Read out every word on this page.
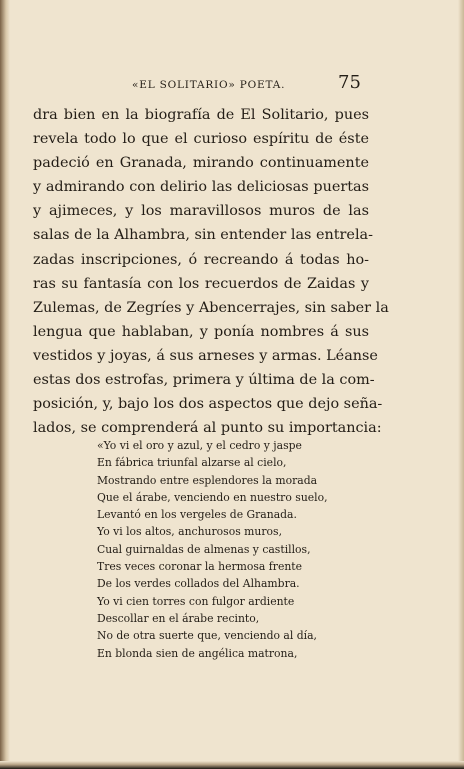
«EL SOLITARIO» POETA.	75
dra bien en la biografía de El Solitario, pues
revela todo lo que el curioso espíritu de éste
padeció en Granada, mirando continuamente
y admirando con delirio las deliciosas puertas
y ajimeces, y los maravillosos muros de las
salas de la Alhambra, sin entender las entrela-
zadas inscripciones, ó recreando á todas ho-
ras su fantasía con los recuerdos de Zaidas y
Zulemas, de Zegríes y Abencerrajes, sin saber la
lengua que hablaban, y ponía nombres á sus
vestidos y joyas, á sus arneses y armas. Léanse
estas dos estrofas, primera y última de la com-
posición, y, bajo los dos aspectos que dejo seña-
lados, se comprenderá al punto su importancia:
«Yo vi el oro y azul, y el cedro y jaspe
En fábrica triunfal alzarse al cielo,
Mostrando entre esplendores la morada
Que el árabe, venciendo en nuestro suelo,
Levantó en los vergeles de Granada.
Yo vi los altos, anchurosos muros,
Cual guirnaldas de almenas y castillos,
Tres veces coronar la hermosa frente
De los verdes collados del Alhambra.
Yo vi cien torres con fulgor ardiente
Descollar en el árabe recinto,
No de otra suerte que, venciendo al día,
En blonda sien de angélica matrona,
